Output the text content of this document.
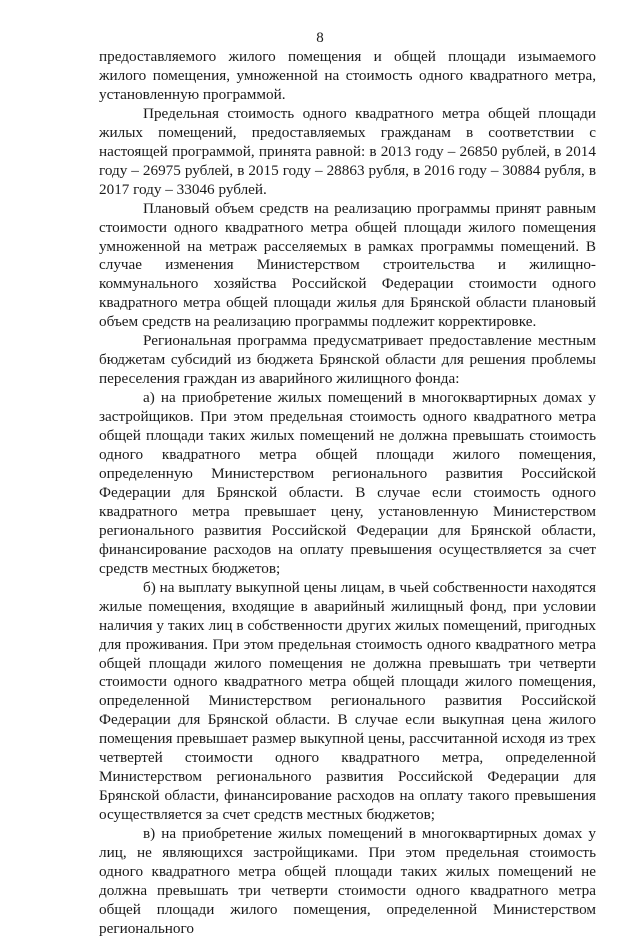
8

предоставляемого жилого помещения и общей площади изымаемого жилого помещения, умноженной на стоимость одного квадратного метра, установленную программой.

Предельная стоимость одного квадратного метра общей площади жилых помещений, предоставляемых гражданам в соответствии с настоящей программой, принята равной: в 2013 году – 26850 рублей, в 2014 году – 26975 рублей, в 2015 году – 28863 рубля, в 2016 году – 30884 рубля, в 2017 году – 33046 рублей.

Плановый объем средств на реализацию программы принят равным стоимости одного квадратного метра общей площади жилого помещения умноженной на метраж расселяемых в рамках программы помещений. В случае изменения Министерством строительства и жилищно-коммунального хозяйства Российской Федерации стоимости одного квадратного метра общей площади жилья для Брянской области плановый объем средств на реализацию программы подлежит корректировке.

Региональная программа предусматривает предоставление местным бюджетам субсидий из бюджета Брянской области для решения проблемы переселения граждан из аварийного жилищного фонда:

а) на приобретение жилых помещений в многоквартирных домах у застройщиков. При этом предельная стоимость одного квадратного метра общей площади таких жилых помещений не должна превышать стоимость одного квадратного метра общей площади жилого помещения, определенную Министерством регионального развития Российской Федерации для Брянской области. В случае если стоимость одного квадратного метра превышает цену, установленную Министерством регионального развития Российской Федерации для Брянской области, финансирование расходов на оплату превышения осуществляется за счет средств местных бюджетов;

б) на выплату выкупной цены лицам, в чьей собственности находятся жилые помещения, входящие в аварийный жилищный фонд, при условии наличия у таких лиц в собственности других жилых помещений, пригодных для проживания. При этом предельная стоимость одного квадратного метра общей площади жилого помещения не должна превышать три четверти стоимости одного квадратного метра общей площади жилого помещения, определенной Министерством регионального развития Российской Федерации для Брянской области. В случае если выкупная цена жилого помещения превышает размер выкупной цены, рассчитанной исходя из трех четвертей стоимости одного квадратного метра, определенной Министерством регионального развития Российской Федерации для Брянской области, финансирование расходов на оплату такого превышения осуществляется за счет средств местных бюджетов;

в) на приобретение жилых помещений в многоквартирных домах у лиц, не являющихся застройщиками. При этом предельная стоимость одного квадратного метра общей площади таких жилых помещений не должна превышать три четверти стоимости одного квадратного метра общей площади жилого помещения, определенной Министерством регионального
